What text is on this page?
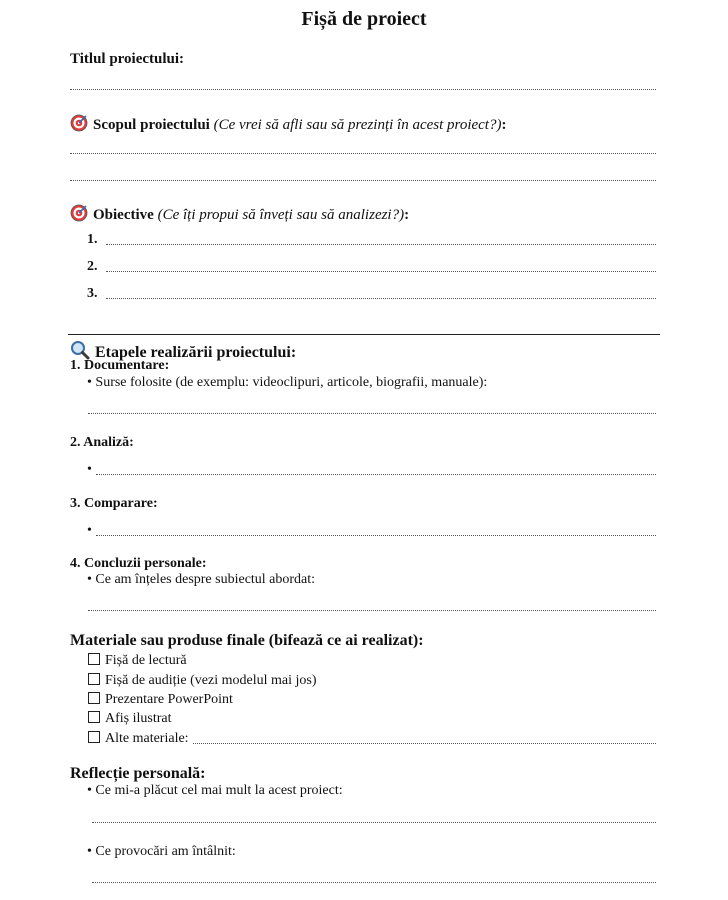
Fișă de proiect
Titlul proiectului:
Scopul proiectului (Ce vrei să afli sau să prezinți în acest proiect?):
Obiective (Ce îți propui să înveți sau să analizezi?):
1.
2.
3.
Etapele realizării proiectului:
1. Documentare:
• Surse folosite (de exemplu: videoclipuri, articole, biografii, manuale):
2. Analiză:
•
3. Comparare:
•
4. Concluzii personale:
• Ce am înțeles despre subiectul abordat:
Materiale sau produse finale (bifează ce ai realizat):
Fișă de lectură
Fișă de audiție (vezi modelul mai jos)
Prezentare PowerPoint
Afiș ilustrat
Alte materiale:
Reflecție personală:
• Ce mi-a plăcut cel mai mult la acest proiect:
• Ce provocări am întâlnit:
